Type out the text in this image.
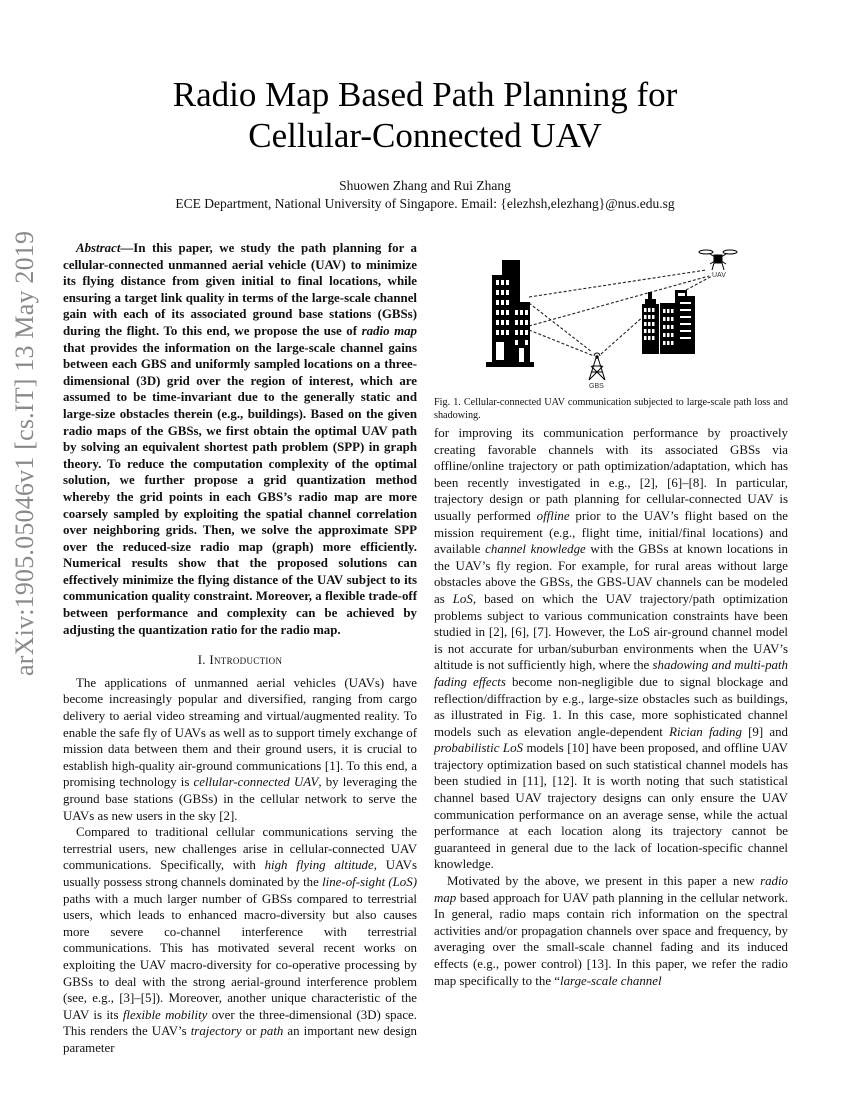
arXiv:1905.05046v1 [cs.IT] 13 May 2019
Radio Map Based Path Planning for
Cellular-Connected UAV
Shuowen Zhang and Rui Zhang
ECE Department, National University of Singapore. Email: {elezhsh,elezhang}@nus.edu.sg

Abstract—In this paper, we study the path planning for a cellular-connected unmanned aerial vehicle (UAV) to minimize its flying distance from given initial to final locations, while ensuring a target link quality in terms of the large-scale channel gain with each of its associated ground base stations (GBSs) during the flight. To this end, we propose the use of radio map that provides the information on the large-scale channel gains between each GBS and uniformly sampled locations on a three-dimensional (3D) grid over the region of interest, which are assumed to be time-invariant due to the generally static and large-size obstacles therein (e.g., buildings). Based on the given radio maps of the GBSs, we first obtain the optimal UAV path by solving an equivalent shortest path problem (SPP) in graph theory. To reduce the computation complexity of the optimal solution, we further propose a grid quantization method whereby the grid points in each GBS’s radio map are more coarsely sampled by exploiting the spatial channel correlation over neighboring grids. Then, we solve the approximate SPP over the reduced-size radio map (graph) more efficiently. Numerical results show that the proposed solutions can effectively minimize the flying distance of the UAV subject to its communication quality constraint. Moreover, a flexible trade-off between performance and complexity can be achieved by adjusting the quantization ratio for the radio map.

I. Introduction

The applications of unmanned aerial vehicles (UAVs) have become increasingly popular and diversified, ranging from cargo delivery to aerial video streaming and virtual/augmented reality. To enable the safe fly of UAVs as well as to support timely exchange of mission data between them and their ground users, it is crucial to establish high-quality air-ground communications [1]. To this end, a promising technology is cellular-connected UAV, by leveraging the ground base stations (GBSs) in the cellular network to serve the UAVs as new users in the sky [2].

Compared to traditional cellular communications serving the terrestrial users, new challenges arise in cellular-connected UAV communications. Specifically, with high flying altitude, UAVs usually possess strong channels dominated by the line-of-sight (LoS) paths with a much larger number of GBSs compared to terrestrial users, which leads to enhanced macro-diversity but also causes more severe co-channel interference with terrestrial communications. This has motivated several recent works on exploiting the UAV macro-diversity for co-operative processing by GBSs to deal with the strong aerial-ground interference problem (see, e.g., [3]–[5]). Moreover, another unique characteristic of the UAV is its flexible mobility over the three-dimensional (3D) space. This renders the UAV’s trajectory or path an important new design parameter

UAV
GBS
Fig. 1. Cellular-connected UAV communication subjected to large-scale path loss and shadowing.

for improving its communication performance by proactively creating favorable channels with its associated GBSs via offline/online trajectory or path optimization/adaptation, which has been recently investigated in e.g., [2], [6]–[8]. In particular, trajectory design or path planning for cellular-connected UAV is usually performed offline prior to the UAV’s flight based on the mission requirement (e.g., flight time, initial/final locations) and available channel knowledge with the GBSs at known locations in the UAV’s fly region. For example, for rural areas without large obstacles above the GBSs, the GBS-UAV channels can be modeled as LoS, based on which the UAV trajectory/path optimization problems subject to various communication constraints have been studied in [2], [6], [7]. However, the LoS air-ground channel model is not accurate for urban/suburban environments when the UAV’s altitude is not sufficiently high, where the shadowing and multi-path fading effects become non-negligible due to signal blockage and reflection/diffraction by e.g., large-size obstacles such as buildings, as illustrated in Fig. 1. In this case, more sophisticated channel models such as elevation angle-dependent Rician fading [9] and probabilistic LoS models [10] have been proposed, and offline UAV trajectory optimization based on such statistical channel models has been studied in [11], [12]. It is worth noting that such statistical channel based UAV trajectory designs can only ensure the UAV communication performance on an average sense, while the actual performance at each location along its trajectory cannot be guaranteed in general due to the lack of location-specific channel knowledge.

Motivated by the above, we present in this paper a new radio map based approach for UAV path planning in the cellular network. In general, radio maps contain rich information on the spectral activities and/or propagation channels over space and frequency, by averaging over the small-scale channel fading and its induced effects (e.g., power control) [13]. In this paper, we refer the radio map specifically to the “large-scale channel
